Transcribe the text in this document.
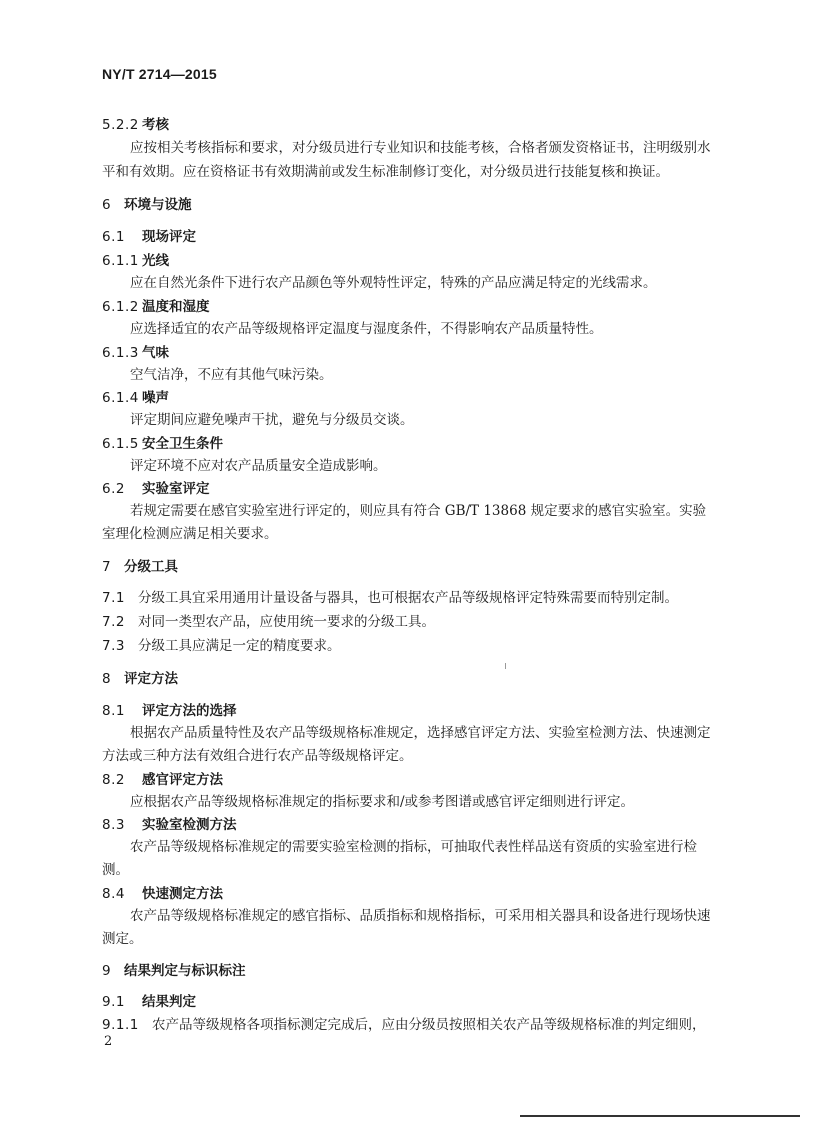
NY/T 2714—2015
5.2.2 考核
应按相关考核指标和要求，对分级员进行专业知识和技能考核，合格者颁发资格证书，注明级别水
平和有效期。应在资格证书有效期满前或发生标准制修订变化，对分级员进行技能复核和换证。
6 环境与设施
6.1 现场评定
6.1.1 光线
应在自然光条件下进行农产品颜色等外观特性评定，特殊的产品应满足特定的光线需求。
6.1.2 温度和湿度
应选择适宜的农产品等级规格评定温度与湿度条件，不得影响农产品质量特性。
6.1.3 气味
空气洁净，不应有其他气味污染。
6.1.4 噪声
评定期间应避免噪声干扰，避免与分级员交谈。
6.1.5 安全卫生条件
评定环境不应对农产品质量安全造成影响。
6.2 实验室评定
若规定需要在感官实验室进行评定的，则应具有符合 GB/T 13868 规定要求的感官实验室。实验
室理化检测应满足相关要求。
7 分级工具
7.1 分级工具宜采用通用计量设备与器具，也可根据农产品等级规格评定特殊需要而特别定制。
7.2 对同一类型农产品，应使用统一要求的分级工具。
7.3 分级工具应满足一定的精度要求。
8 评定方法
8.1 评定方法的选择
根据农产品质量特性及农产品等级规格标准规定，选择感官评定方法、实验室检测方法、快速测定
方法或三种方法有效组合进行农产品等级规格评定。
8.2 感官评定方法
应根据农产品等级规格标准规定的指标要求和/或参考图谱或感官评定细则进行评定。
8.3 实验室检测方法
农产品等级规格标准规定的需要实验室检测的指标，可抽取代表性样品送有资质的实验室进行检
测。
8.4 快速测定方法
农产品等级规格标准规定的感官指标、品质指标和规格指标，可采用相关器具和设备进行现场快速
测定。
9 结果判定与标识标注
9.1 结果判定
9.1.1 农产品等级规格各项指标测定完成后，应由分级员按照相关农产品等级规格标准的判定细则，
2
